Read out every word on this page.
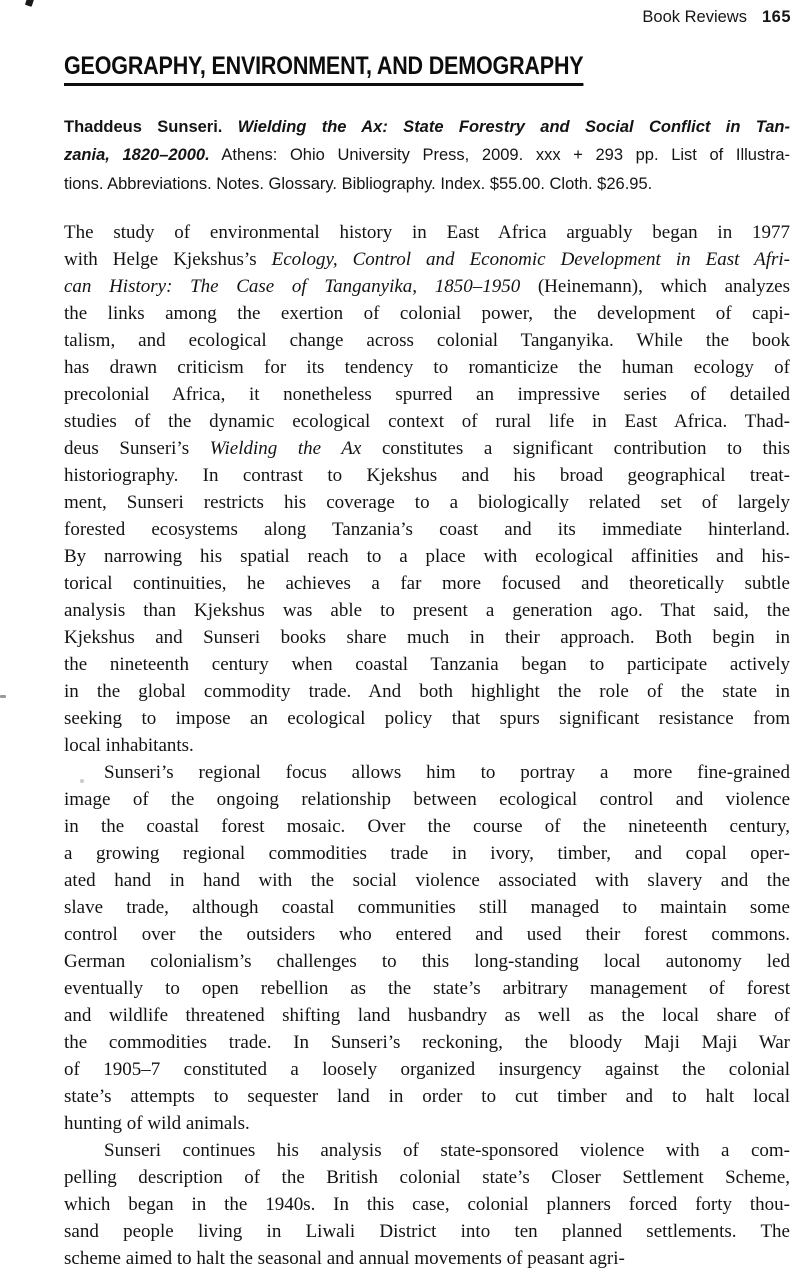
Book Reviews 165
GEOGRAPHY, ENVIRONMENT, AND DEMOGRAPHY
Thaddeus Sunseri. Wielding the Ax: State Forestry and Social Conflict in Tan-
zania, 1820–2000. Athens: Ohio University Press, 2009. xxx + 293 pp. List of Illustra-
tions. Abbreviations. Notes. Glossary. Bibliography. Index. $55.00. Cloth. $26.95.
The study of environmental history in East Africa arguably began in 1977
with Helge Kjekshus’s Ecology, Control and Economic Development in East Afri-
can History: The Case of Tanganyika, 1850–1950 (Heinemann), which analyzes
the links among the exertion of colonial power, the development of capi-
talism, and ecological change across colonial Tanganyika. While the book
has drawn criticism for its tendency to romanticize the human ecology of
precolonial Africa, it nonetheless spurred an impressive series of detailed
studies of the dynamic ecological context of rural life in East Africa. Thad-
deus Sunseri’s Wielding the Ax constitutes a significant contribution to this
historiography. In contrast to Kjekshus and his broad geographical treat-
ment, Sunseri restricts his coverage to a biologically related set of largely
forested ecosystems along Tanzania’s coast and its immediate hinterland.
By narrowing his spatial reach to a place with ecological affinities and his-
torical continuities, he achieves a far more focused and theoretically subtle
analysis than Kjekshus was able to present a generation ago. That said, the
Kjekshus and Sunseri books share much in their approach. Both begin in
the nineteenth century when coastal Tanzania began to participate actively
in the global commodity trade. And both highlight the role of the state in
seeking to impose an ecological policy that spurs significant resistance from
local inhabitants.
Sunseri’s regional focus allows him to portray a more fine-grained
image of the ongoing relationship between ecological control and violence
in the coastal forest mosaic. Over the course of the nineteenth century,
a growing regional commodities trade in ivory, timber, and copal oper-
ated hand in hand with the social violence associated with slavery and the
slave trade, although coastal communities still managed to maintain some
control over the outsiders who entered and used their forest commons.
German colonialism’s challenges to this long-standing local autonomy led
eventually to open rebellion as the state’s arbitrary management of forest
and wildlife threatened shifting land husbandry as well as the local share of
the commodities trade. In Sunseri’s reckoning, the bloody Maji Maji War
of 1905–7 constituted a loosely organized insurgency against the colonial
state’s attempts to sequester land in order to cut timber and to halt local
hunting of wild animals.
Sunseri continues his analysis of state-sponsored violence with a com-
pelling description of the British colonial state’s Closer Settlement Scheme,
which began in the 1940s. In this case, colonial planners forced forty thou-
sand people living in Liwali District into ten planned settlements. The
scheme aimed to halt the seasonal and annual movements of peasant agri-
